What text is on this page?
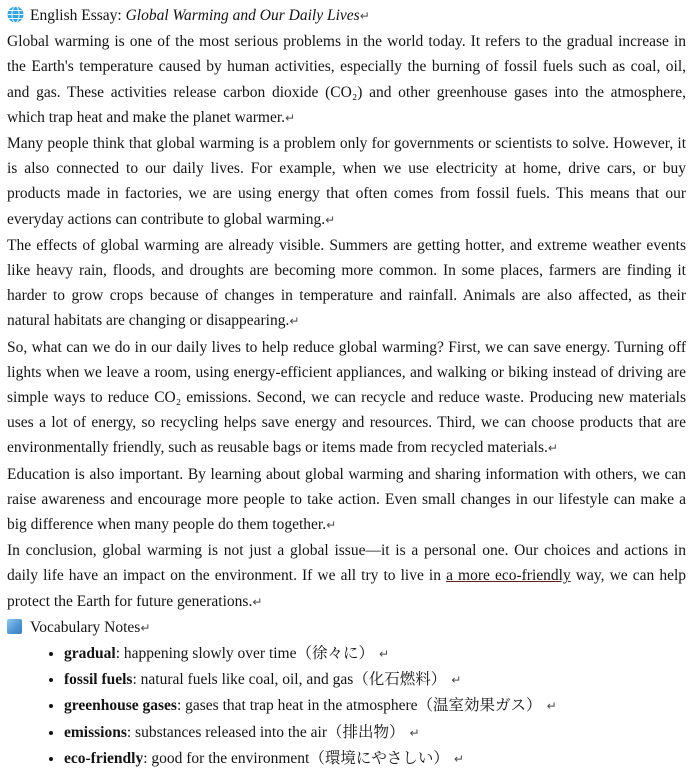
English Essay: Global Warming and Our Daily Lives↵

Global warming is one of the most serious problems in the world today. It refers to the gradual increase in the Earth's temperature caused by human activities, especially the burning of fossil fuels such as coal, oil, and gas. These activities release carbon dioxide (CO₂) and other greenhouse gases into the atmosphere, which trap heat and make the planet warmer.↵

Many people think that global warming is a problem only for governments or scientists to solve. However, it is also connected to our daily lives. For example, when we use electricity at home, drive cars, or buy products made in factories, we are using energy that often comes from fossil fuels. This means that our everyday actions can contribute to global warming.↵

The effects of global warming are already visible. Summers are getting hotter, and extreme weather events like heavy rain, floods, and droughts are becoming more common. In some places, farmers are finding it harder to grow crops because of changes in temperature and rainfall. Animals are also affected, as their natural habitats are changing or disappearing.↵

So, what can we do in our daily lives to help reduce global warming? First, we can save energy. Turning off lights when we leave a room, using energy-efficient appliances, and walking or biking instead of driving are simple ways to reduce CO₂ emissions. Second, we can recycle and reduce waste. Producing new materials uses a lot of energy, so recycling helps save energy and resources. Third, we can choose products that are environmentally friendly, such as reusable bags or items made from recycled materials.↵

Education is also important. By learning about global warming and sharing information with others, we can raise awareness and encourage more people to take action. Even small changes in our lifestyle can make a big difference when many people do them together.↵

In conclusion, global warming is not just a global issue—it is a personal one. Our choices and actions in daily life have an impact on the environment. If we all try to live in a more eco-friendly way, we can help protect the Earth for future generations.↵

Vocabulary Notes↵
• gradual: happening slowly over time（徐々に） ↵
• fossil fuels: natural fuels like coal, oil, and gas（化石燃料） ↵
• greenhouse gases: gases that trap heat in the atmosphere（温室効果ガス） ↵
• emissions: substances released into the air（排出物） ↵
• eco-friendly: good for the environment（環境にやさしい） ↵
